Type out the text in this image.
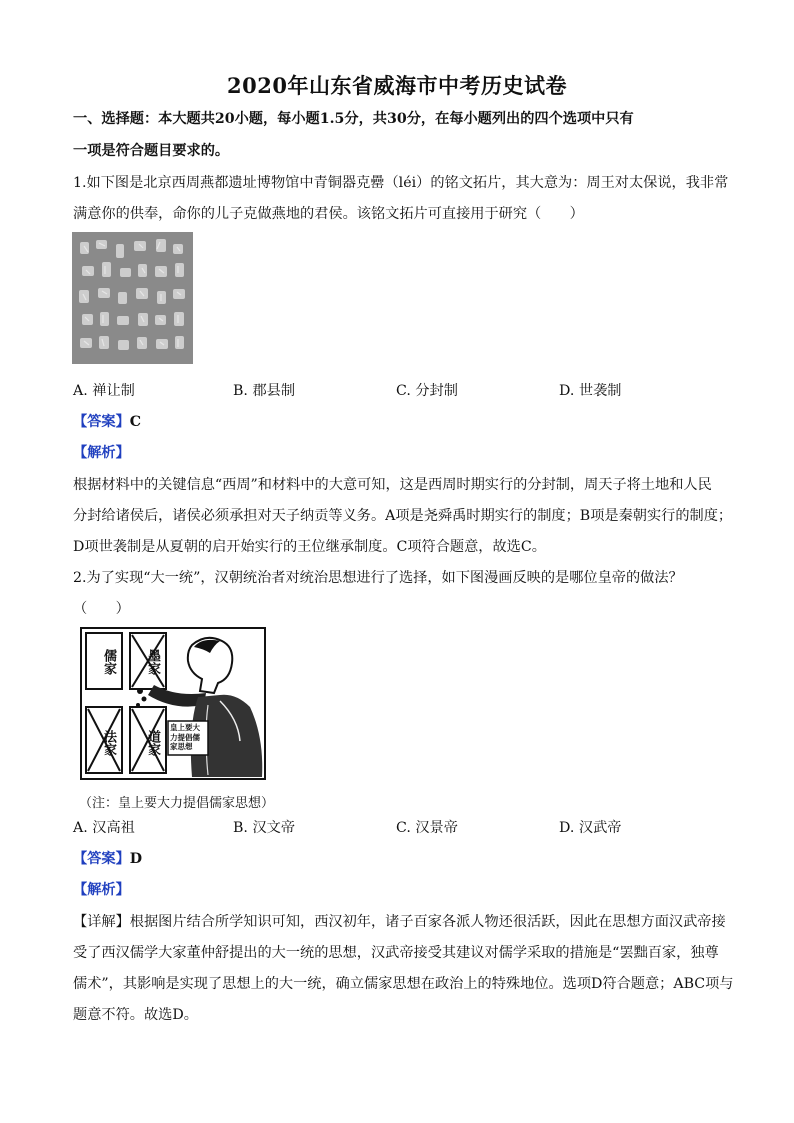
2020年山东省威海市中考历史试卷
一、选择题：本大题共20小题，每小题1.5分，共30分，在每小题列出的四个选项中只有
一项是符合题目要求的。
1.如下图是北京西周燕都遗址博物馆中青铜器克罍（léi）的铭文拓片，其大意为：周王对太保说，我非常
满意你的供奉，命你的儿子克做燕地的君侯。该铭文拓片可直接用于研究（　　）
A. 禅让制	B. 郡县制	C. 分封制	D. 世袭制
【答案】C
【解析】
根据材料中的关键信息“西周”和材料中的大意可知，这是西周时期实行的分封制，周天子将土地和人民
分封给诸侯后，诸侯必须承担对天子纳贡等义务。A项是尧舜禹时期实行的制度；B项是秦朝实行的制度；
D项世袭制是从夏朝的启开始实行的王位继承制度。C项符合题意，故选C。
2.为了实现“大一统”，汉朝统治者对统治思想进行了选择，如下图漫画反映的是哪位皇帝的做法？
（　　）
儒家	墨家
法家	道家
皇上要大力提倡儒家思想
（注：皇上要大力提倡儒家思想）
A. 汉高祖	B. 汉文帝	C. 汉景帝	D. 汉武帝
【答案】D
【解析】
【详解】根据图片结合所学知识可知，西汉初年，诸子百家各派人物还很活跃，因此在思想方面汉武帝接
受了西汉儒学大家董仲舒提出的大一统的思想，汉武帝接受其建议对儒学采取的措施是“罢黜百家，独尊
儒术”，其影响是实现了思想上的大一统，确立儒家思想在政治上的特殊地位。选项D符合题意；ABC项与
题意不符。故选D。
